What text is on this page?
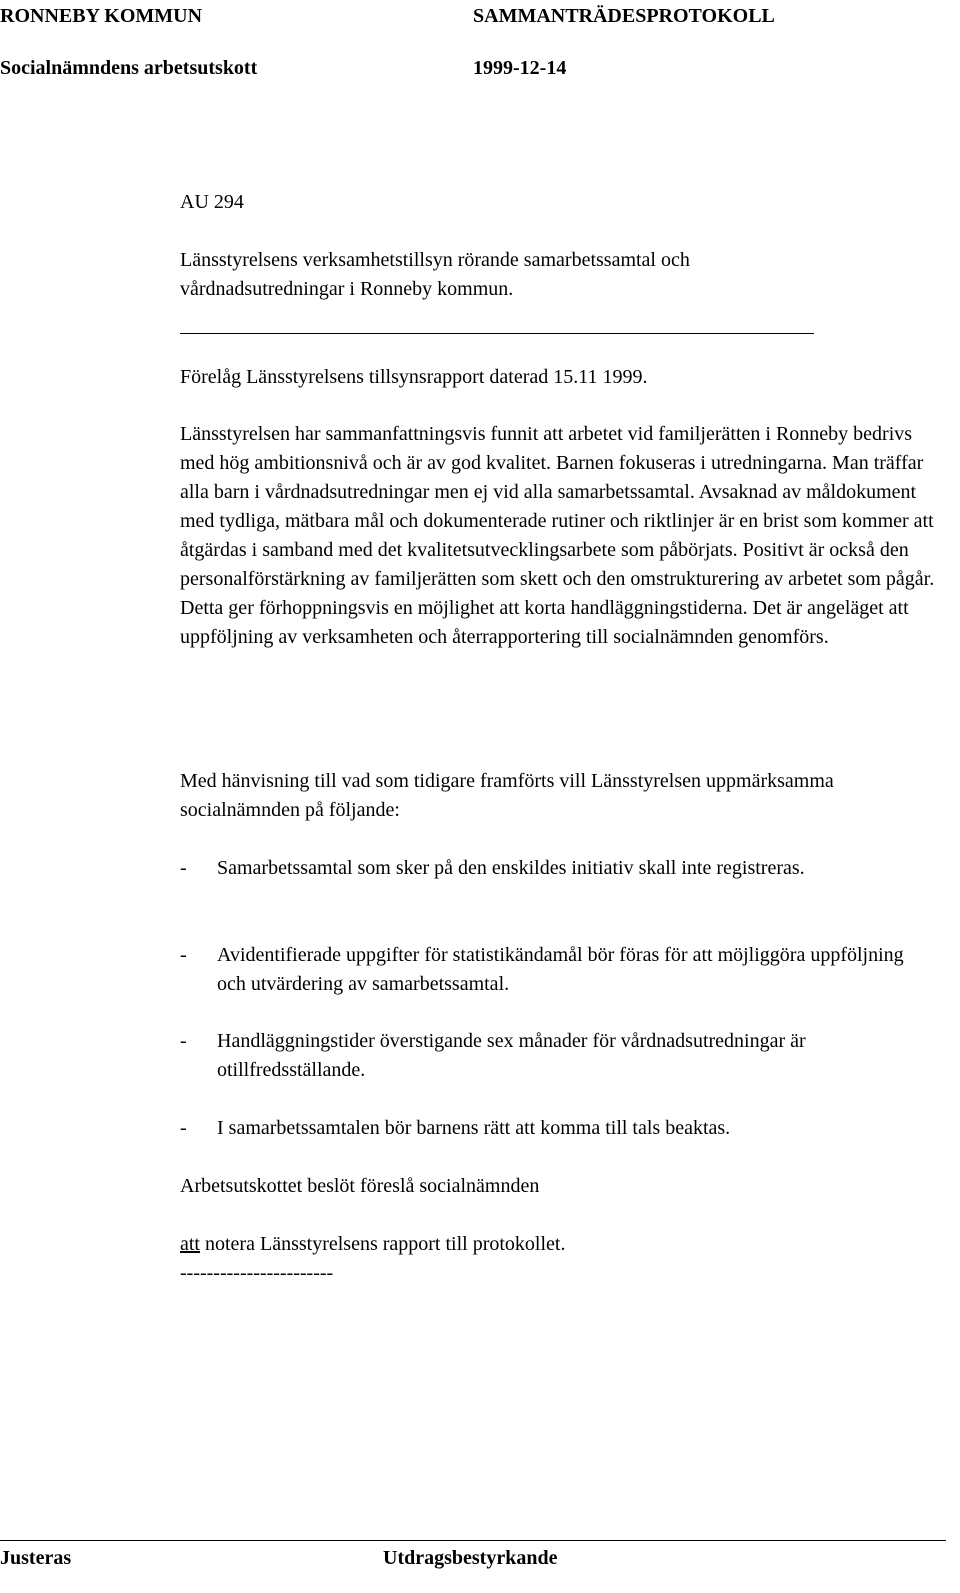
RONNEBY KOMMUN	SAMMANTRÄDESPROTOKOLL
Socialnämndens arbetsutskott	1999-12-14
AU 294
Länsstyrelsens verksamhetstillsyn rörande samarbetssamtal och
vårdnadsutredningar i Ronneby kommun.
Förelåg Länsstyrelsens tillsynsrapport daterad 15.11 1999.
Länsstyrelsen har sammanfattningsvis funnit att arbetet vid familjerätten i Ronneby bedrivs med hög ambitionsnivå och är av god kvalitet. Barnen fokuseras i utredningarna. Man träffar alla barn i vårdnadsutredningar men ej vid alla samarbetssamtal. Avsaknad av måldokument med tydliga, mätbara mål och dokumenterade rutiner och riktlinjer är en brist som kommer att åtgärdas i samband med det kvalitetsutvecklingsarbete som påbörjats. Positivt är också den personalförstärkning av familjerätten som skett och den omstrukturering av arbetet som pågår. Detta ger förhoppningsvis en möjlighet att korta handläggningstiderna. Det är angeläget att uppföljning av verksamheten och återrapportering till socialnämnden genomförs.
Med hänvisning till vad som tidigare framförts vill Länsstyrelsen uppmärksamma socialnämnden på följande:
-	Samarbetssamtal som sker på den enskildes initiativ skall inte registreras.
-	Avidentifierade uppgifter för statistikändamål bör föras för att möjliggöra uppföljning och utvärdering av samarbetssamtal.
-	Handläggningstider överstigande sex månader för vårdnadsutredningar är otillfredsställande.
-	I samarbetssamtalen bör barnens rätt att komma till tals beaktas.
Arbetsutskottet beslöt föreslå socialnämnden
att notera Länsstyrelsens rapport till protokollet.
-----------------------
Justeras	Utdragsbestyrkande
